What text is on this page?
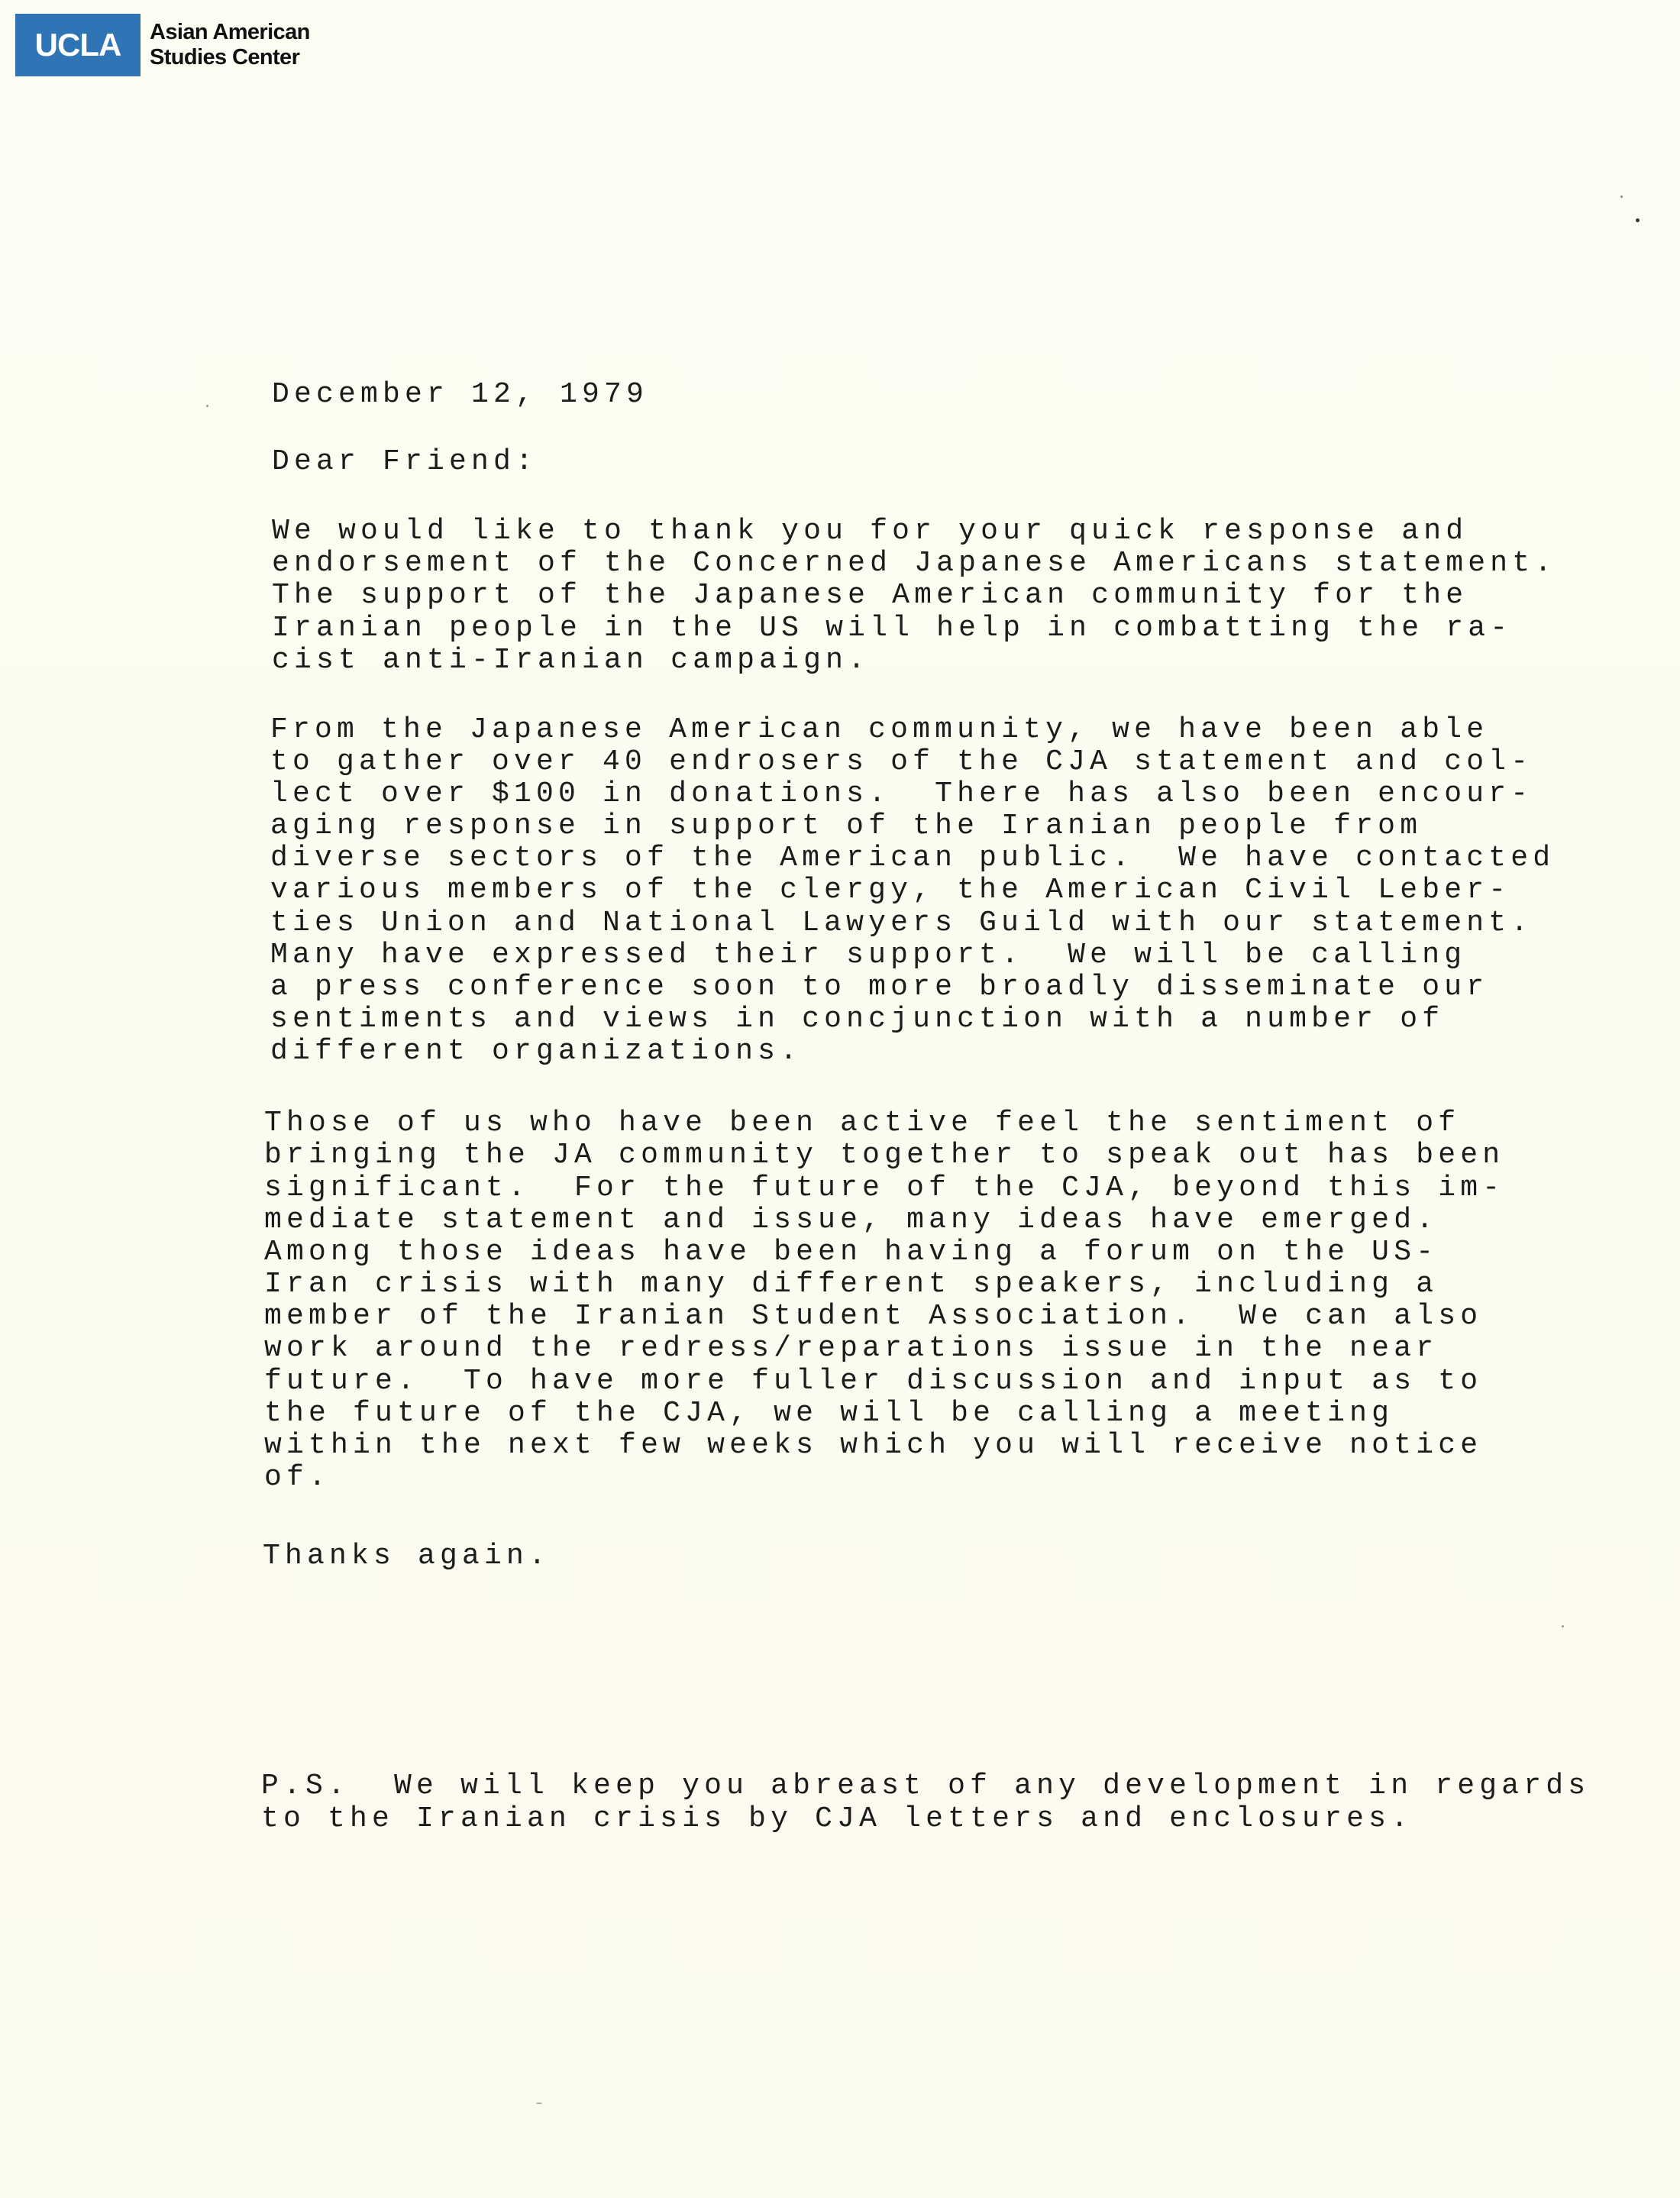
UCLA	Asian American
Studies Center
December 12, 1979
Dear Friend:
We would like to thank you for your quick response and
endorsement of the Concerned Japanese Americans statement.
The support of the Japanese American community for the
Iranian people in the US will help in combatting the ra-
cist anti-Iranian campaign.
From the Japanese American community, we have been able
to gather over 40 endrosers of the CJA statement and col-
lect over $100 in donations.  There has also been encour-
aging response in support of the Iranian people from
diverse sectors of the American public.  We have contacted
various members of the clergy, the American Civil Leber-
ties Union and National Lawyers Guild with our statement.
Many have expressed their support.  We will be calling
a press conference soon to more broadly disseminate our
sentiments and views in concjunction with a number of
different organizations.
Those of us who have been active feel the sentiment of
bringing the JA community together to speak out has been
significant.  For the future of the CJA, beyond this im-
mediate statement and issue, many ideas have emerged.
Among those ideas have been having a forum on the US-
Iran crisis with many different speakers, including a
member of the Iranian Student Association.  We can also
work around the redress/reparations issue in the near
future.  To have more fuller discussion and input as to
the future of the CJA, we will be calling a meeting
within the next few weeks which you will receive notice
of.
Thanks again.
P.S.  We will keep you abreast of any development in regards
to the Iranian crisis by CJA letters and enclosures.
